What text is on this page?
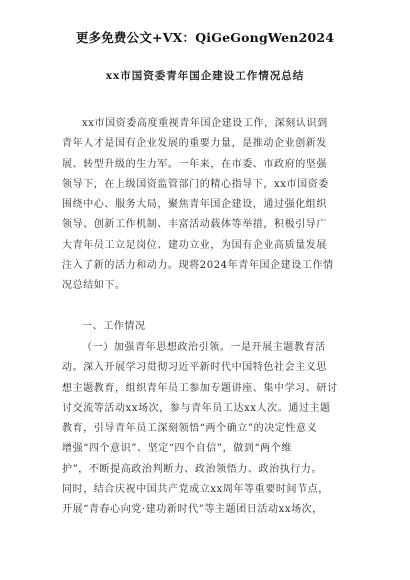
更多免费公文+VX：QiGeGongWen2024
xx市国资委青年国企建设工作情况总结
xx市国资委高度重视青年国企建设工作，深刻认识到
青年人才是国有企业发展的重要力量，是推动企业创新发
展、转型升级的生力军。一年来，在市委、市政府的坚强
领导下，在上级国资监管部门的精心指导下，xx市国资委
围绕中心、服务大局，聚焦青年国企建设，通过强化组织
领导、创新工作机制、丰富活动载体等举措，积极引导广
大青年员工立足岗位、建功立业，为国有企业高质量发展
注入了新的活力和动力。现将2024年青年国企建设工作情
况总结如下。
一、工作情况
（一）加强青年思想政治引领。一是开展主题教育活
动。深入开展学习贯彻习近平新时代中国特色社会主义思
想主题教育，组织青年员工参加专题讲座、集中学习、研讨
讨交流等活动xx场次，参与青年员工达xx人次。通过主题
教育，引导青年员工深刻领悟“两个确立”的决定性意义
增强“四个意识”、坚定“四个自信”，做到“两个维
护”，不断提高政治判断力、政治领悟力、政治执行力。
同时，结合庆祝中国共产党成立xx周年等重要时间节点，
开展“青春心向党·建功新时代”等主题团日活动xx场次，
